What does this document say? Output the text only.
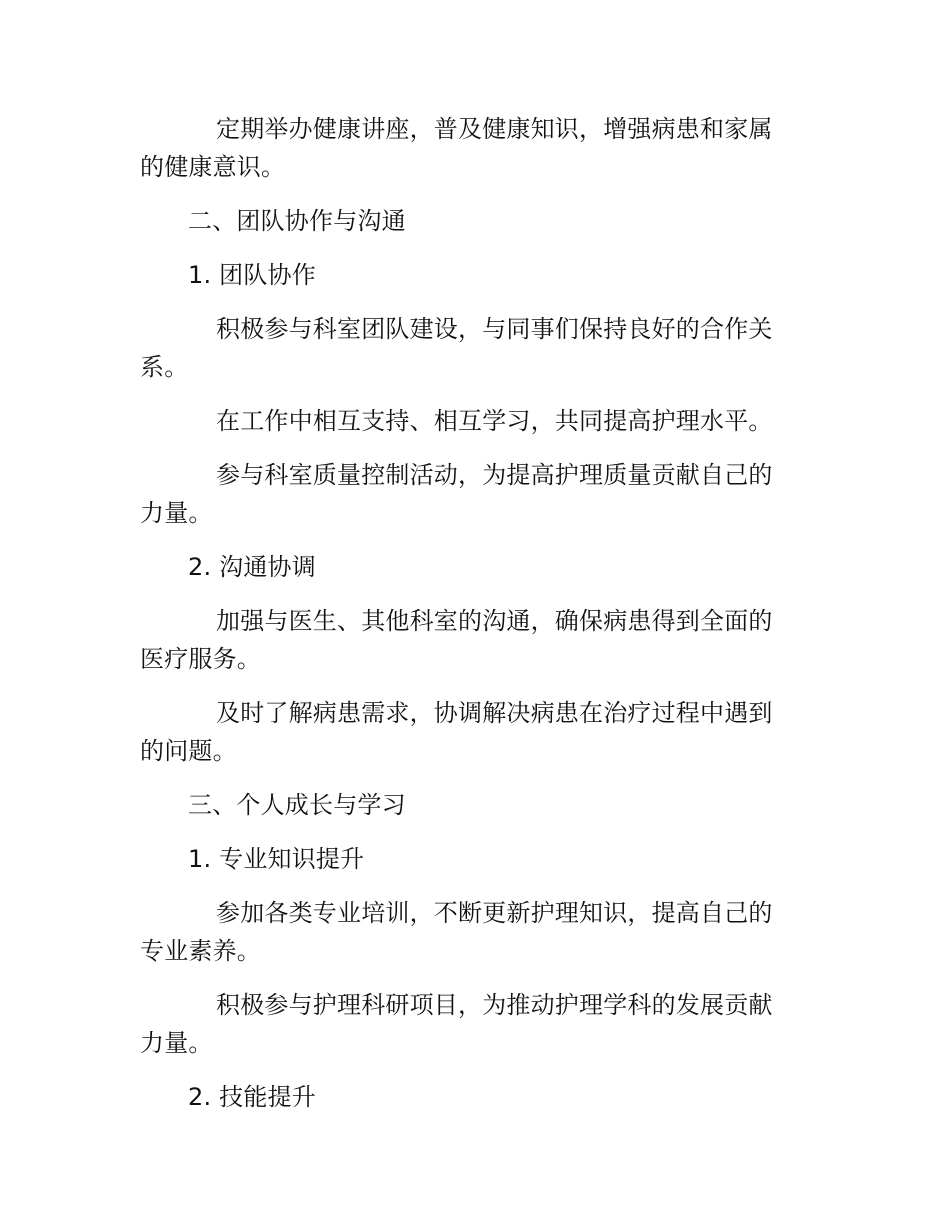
定期举办健康讲座，普及健康知识，增强病患和家属的健康意识。

二、团队协作与沟通

1. 团队协作

积极参与科室团队建设，与同事们保持良好的合作关系。

在工作中相互支持、相互学习，共同提高护理水平。

参与科室质量控制活动，为提高护理质量贡献自己的力量。

2. 沟通协调

加强与医生、其他科室的沟通，确保病患得到全面的医疗服务。

及时了解病患需求，协调解决病患在治疗过程中遇到的问题。

三、个人成长与学习

1. 专业知识提升

参加各类专业培训，不断更新护理知识，提高自己的专业素养。

积极参与护理科研项目，为推动护理学科的发展贡献力量。

2. 技能提升
